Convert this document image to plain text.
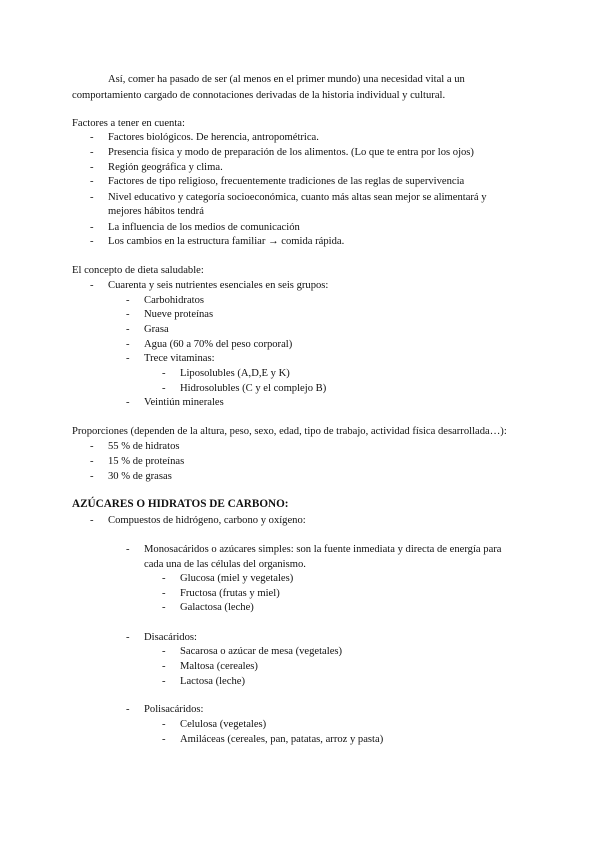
Así, comer ha pasado de ser (al menos en el primer mundo) una necesidad vital a un
comportamiento cargado de connotaciones derivadas de la historia individual y cultural.
Factores a tener en cuenta:
- Factores biológicos. De herencia, antropométrica.
- Presencia física y modo de preparación de los alimentos. (Lo que te entra por los ojos)
- Región geográfica y clima.
- Factores de tipo religioso, frecuentemente tradiciones de las reglas de supervivencia
- Nivel educativo y categoría socioeconómica, cuanto más altas sean mejor se alimentará y
mejores hábitos tendrá
- La influencia de los medios de comunicación
- Los cambios en la estructura familiar → comida rápida.
El concepto de dieta saludable:
- Cuarenta y seis nutrientes esenciales en seis grupos:
- Carbohidratos
- Nueve proteínas
- Grasa
- Agua (60 a 70% del peso corporal)
- Trece vitaminas:
- Liposolubles (A,D,E y K)
- Hidrosolubles (C y el complejo B)
- Veintiún minerales
Proporciones (dependen de la altura, peso, sexo, edad, tipo de trabajo, actividad física desarrollada…):
- 55 % de hidratos
- 15 % de proteínas
- 30 % de grasas
AZÚCARES O HIDRATOS DE CARBONO:
- Compuestos de hidrógeno, carbono y oxígeno:
- Monosacáridos o azúcares simples: son la fuente inmediata y directa de energía para
cada una de las células del organismo.
- Glucosa (miel y vegetales)
- Fructosa (frutas y miel)
- Galactosa (leche)
- Disacáridos:
- Sacarosa o azúcar de mesa (vegetales)
- Maltosa (cereales)
- Lactosa (leche)
- Polisacáridos:
- Celulosa (vegetales)
- Amiláceas (cereales, pan, patatas, arroz y pasta)
